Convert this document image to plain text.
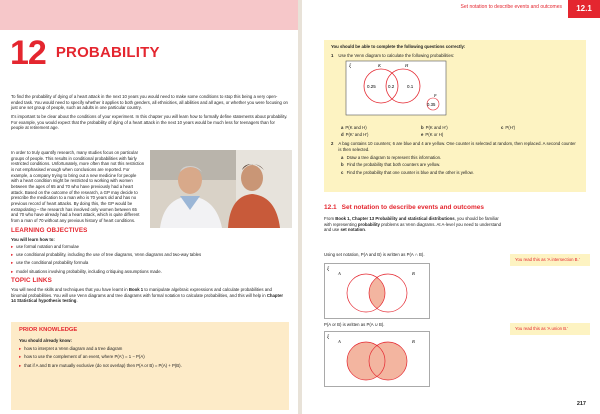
12 PROBABILITY

To find the probability of dying of a heart attack in the next 10 years you would need to make some conditions to stop this being a very open-ended task. You would need to specify whether it applies to both genders, all ethnicities, all abilities and all ages, or whether you were focusing on just one set group of people, such as adults in one particular country.

It's important to be clear about the conditions of your experiment. In this chapter you will learn how to formally define statements about probability. For example, you would expect that the probability of dying of a heart attack in the next 10 years would be much less for teenagers than for people at retirement age.

In order to truly quantify research, many studies focus on particular groups of people. This results in conditional probabilities with fairly restricted conditions. Unfortunately, more often than not this restriction is not emphasised enough when conclusions are reported. For example, a company trying to bring out a new medicine for people with a heart condition might be restricted to working with women between the ages of 65 and 70 who have previously had a heart attack. Based on the outcome of the research, a GP may decide to prescribe the medication to a man who is 70 years old and has no previous record of heart attacks. By doing this, the GP would be extrapolating – the research has involved only women between 65 and 70 who have already had a heart attack, which is quite different from a man of 70 without any previous history of heart conditions.

LEARNING OBJECTIVES

You will learn how to:

▸ use formal notation and formulae
▸ use conditional probability, including the use of tree diagrams, Venn diagrams and two-way tables
▸ use the conditional probability formula
▸ model situations involving probability, including critiquing assumptions made.
TOPIC LINKS

You will need the skills and techniques that you have learnt in Book 1 to manipulate algebraic expressions and calculate probabilities and binomial probabilities. You will use Venn diagrams and tree diagrams with formal notation to calculate probabilities, and this will help in Chapter 14 Statistical hypothesis testing.

PRIOR KNOWLEDGE

You should already know:

▸ how to interpret a Venn diagram and a tree diagram
▸ how to use the complement of an event, where P(A′) = 1 − P(A)
▸ that if A and B are mutually exclusive (do not overlap) then P(A or B) = P(A) + P(B).
Set notation to describe events and outcomes	12.1

You should be able to complete the following questions correctly:

1 Use the Venn diagram to calculate the following probabilities:
ξ	K	H
0.25	0.2	0.1
P
0.35
a P(K and H)	b P(K and H′)	c P(H′)
d P(K′ and H′)	e P(K or H)
2 A bag contains 10 counters; 6 are blue and 4 are yellow. One counter is selected at random, then replaced. A second counter is then selected.
a
Draw a tree diagram to represent this information.
b
Find the probability that both counters are yellow.
c
Find the probability that one counter is blue and the other is yellow.
12.1 Set notation to describe events and outcomes

From Book 1, Chapter 13 Probability and statistical distributions, you should be familiar with representing probability problems as Venn diagrams. At A-level you need to understand and use set notation.

Using set notation, P(A and B) is written as P(A ∩ B).

You read this as 'A intersection B.'
ξ
A	B

P(A or B) is written as P(A ∪ B).

You read this as 'A union B.'
ξ
A	B
217
